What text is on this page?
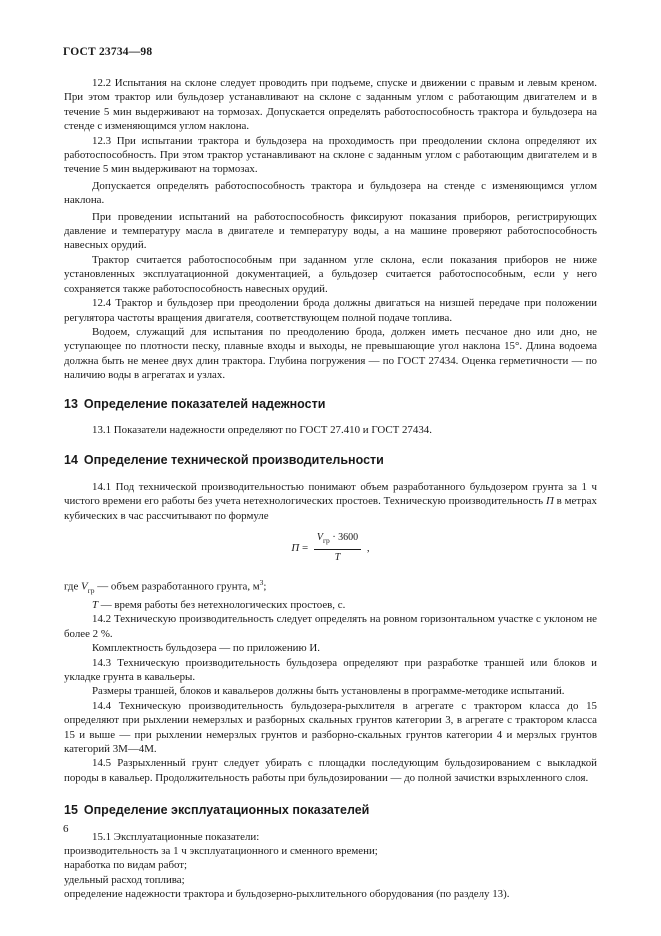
ГОСТ 23734—98

12.2 Испытания на склоне следует проводить при подъеме, спуске и движении с правым и левым креном. При этом трактор или бульдозер устанавливают на склоне с заданным углом с работающим двигателем и в течение 5 мин выдерживают на тормозах. Допускается определять работоспособность трактора и бульдозера на стенде с изменяющимся углом наклона.

12.3 При испытании трактора и бульдозера на проходимость при преодолении склона определяют их работоспособность. При этом трактор устанавливают на склоне с заданным углом с работающим двигателем и в течение 5 мин выдерживают на тормозах.

Допускается определять работоспособность трактора и бульдозера на стенде с изменяющимся углом наклона.

При проведении испытаний на работоспособность фиксируют показания приборов, регистрирующих давление и температуру масла в двигателе и температуру воды, а на машине проверяют работоспособность навесных орудий.

Трактор считается работоспособным при заданном угле склона, если показания приборов не ниже установленных эксплуатационной документацией, а бульдозер считается работоспособным, если у него сохраняется также работоспособность навесных орудий.

12.4 Трактор и бульдозер при преодолении брода должны двигаться на низшей передаче при положении регулятора частоты вращения двигателя, соответствующем полной подаче топлива.

Водоем, служащий для испытания по преодолению брода, должен иметь песчаное дно или дно, не уступающее по плотности песку, плавные входы и выходы, не превышающие угол наклона 15°. Длина водоема должна быть не менее двух длин трактора. Глубина погружения — по ГОСТ 27434. Оценка герметичности — по наличию воды в агрегатах и узлах.

13 Определение показателей надежности

13.1 Показатели надежности определяют по ГОСТ 27.410 и ГОСТ 27434.

14 Определение технической производительности

14.1 Под технической производительностью понимают объем разработанного бульдозером грунта за 1 ч чистого времени его работы без учета нетехнологических простоев. Техническую производительность П в метрах кубических в час рассчитывают по формуле

$П = \frac{V_{гр} \cdot 3600}{T}$ ,

где $V_{гр}$ — объем разработанного грунта, $м^3$;

T — время работы без нетехнологических простоев, с.

14.2 Техническую производительность следует определять на ровном горизонтальном участке с уклоном не более 2 %.

Комплектность бульдозера — по приложению И.

14.3 Техническую производительность бульдозера определяют при разработке траншей или блоков и укладке грунта в кавальеры.

Размеры траншей, блоков и кавальеров должны быть установлены в программе-методике испытаний.

14.4 Техническую производительность бульдозера-рыхлителя в агрегате с трактором класса до 15 определяют при рыхлении немерзлых и разборных скальных грунтов категории 3, в агрегате с трактором класса 15 и выше — при рыхлении немерзлых грунтов и разборно-скальных грунтов категории 4 и мерзлых грунтов категорий 3М—4М.

14.5 Разрыхленный грунт следует убирать с площадки последующим бульдозированием с выкладкой породы в кавальер. Продолжительность работы при бульдозировании — до полной зачистки взрыхленного слоя.

15 Определение эксплуатационных показателей

15.1 Эксплуатационные показатели:

производительность за 1 ч эксплуатационного и сменного времени;

наработка по видам работ;

удельный расход топлива;

определение надежности трактора и бульдозерно-рыхлительного оборудования (по разделу 13).

6
